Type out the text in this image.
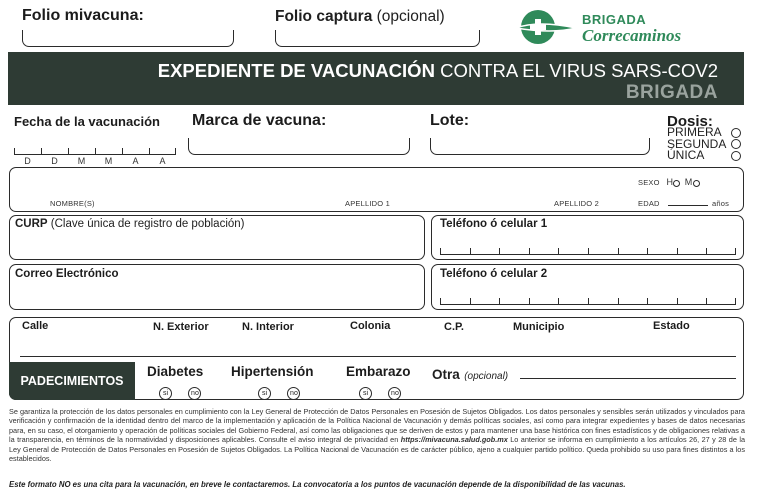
Folio mivacuna:	Folio captura (opcional)	BRIGADA
Correcaminos
EXPEDIENTE DE VACUNACIÓN CONTRA EL VIRUS SARS-COV2
BRIGADA
Fecha de la vacunación
D	D	M	M	A	A
Marca de vacuna:	Lote:	Dosis:
PRIMERA
SEGUNDA
ÚNICA
NOMBRE(S)	APELLIDO 1	APELLIDO 2
SEXO H M
EDAD	años
CURP (Clave única de registro de población)	Teléfono ó celular 1
Correo Electrónico	Teléfono ó celular 2
Calle	N. Exterior	N. Interior	Colonia	C.P.	Municipio	Estado
PADECIMIENTOS
Diabetes
si	no
Hipertensión
si	no
Embarazo
si	no
Otra (opcional)
Se garantiza la protección de los datos personales en cumplimiento con la Ley General de Protección de Datos Personales en Posesión de Sujetos Obligados. Los datos personales y sensibles serán utilizados y vinculados para verificación y confirmación de la identidad dentro del marco de la implementación y aplicación de la Política Nacional de Vacunación y demás políticas sociales, así como para integrar expedientes y bases de datos necesarias para, en su caso, el otorgamiento y operación de políticas sociales del Gobierno Federal, así como las obligaciones que se deriven de estos y para mantener una base histórica con fines estadísticos y de obligaciones relativas a la transparencia, en términos de la normatividad y disposiciones aplicables. Consulte el aviso integral de privacidad en https://mivacuna.salud.gob.mx Lo anterior se informa en cumplimiento a los artículos 26, 27 y 28 de la Ley General de Protección de Datos Personales en Posesión de Sujetos Obligados. La Política Nacional de Vacunación es de carácter público, ajeno a cualquier partido político. Queda prohibido su uso para fines distintos a los establecidos.
Este formato NO es una cita para la vacunación, en breve le contactaremos. La convocatoria a los puntos de vacunación depende de la disponibilidad de las vacunas.
